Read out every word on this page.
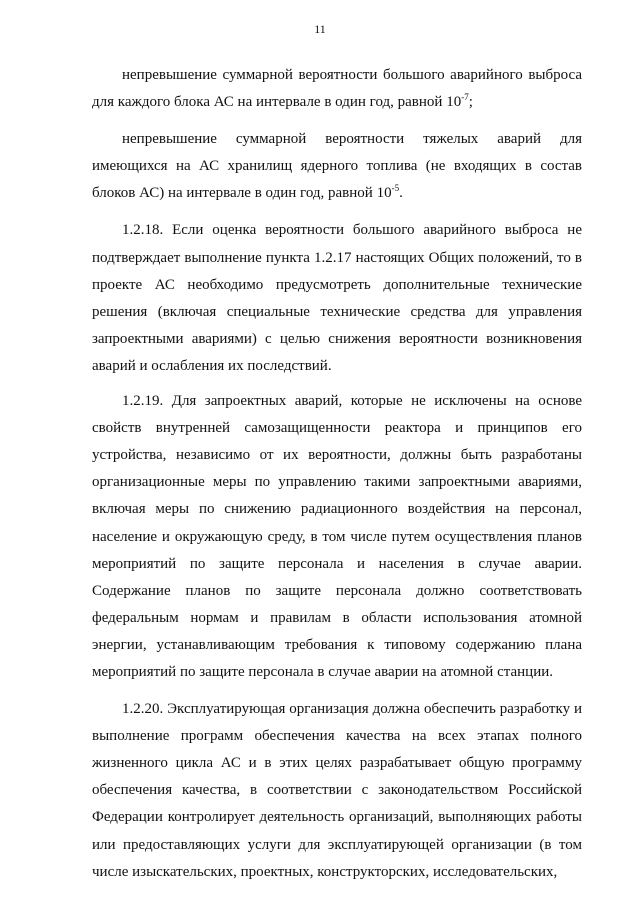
11

непревышение суммарной вероятности большого аварийного выброса для каждого блока АС на интервале в один год, равной $10^{-7}$;

непревышение суммарной вероятности тяжелых аварий для имеющихся на АС хранилищ ядерного топлива (не входящих в состав блоков АС) на интервале в один год, равной $10^{-5}$.

1.2.18. Если оценка вероятности большого аварийного выброса не подтверждает выполнение пункта 1.2.17 настоящих Общих положений, то в проекте АС необходимо предусмотреть дополнительные технические решения (включая специальные технические средства для управления запроектными авариями) с целью снижения вероятности возникновения аварий и ослабления их последствий.

1.2.19. Для запроектных аварий, которые не исключены на основе свойств внутренней самозащищенности реактора и принципов его устройства, независимо от их вероятности, должны быть разработаны организационные меры по управлению такими запроектными авариями, включая меры по снижению радиационного воздействия на персонал, население и окружающую среду, в том числе путем осуществления планов мероприятий по защите персонала и населения в случае аварии. Содержание планов по защите персонала должно соответствовать федеральным нормам и правилам в области использования атомной энергии, устанавливающим требования к типовому содержанию плана мероприятий по защите персонала в случае аварии на атомной станции.

1.2.20. Эксплуатирующая организация должна обеспечить разработку и выполнение программ обеспечения качества на всех этапах полного жизненного цикла АС и в этих целях разрабатывает общую программу обеспечения качества, в соответствии с законодательством Российской Федерации контролирует деятельность организаций, выполняющих работы или предоставляющих услуги для эксплуатирующей организации (в том числе изыскательских, проектных, конструкторских, исследовательских,
